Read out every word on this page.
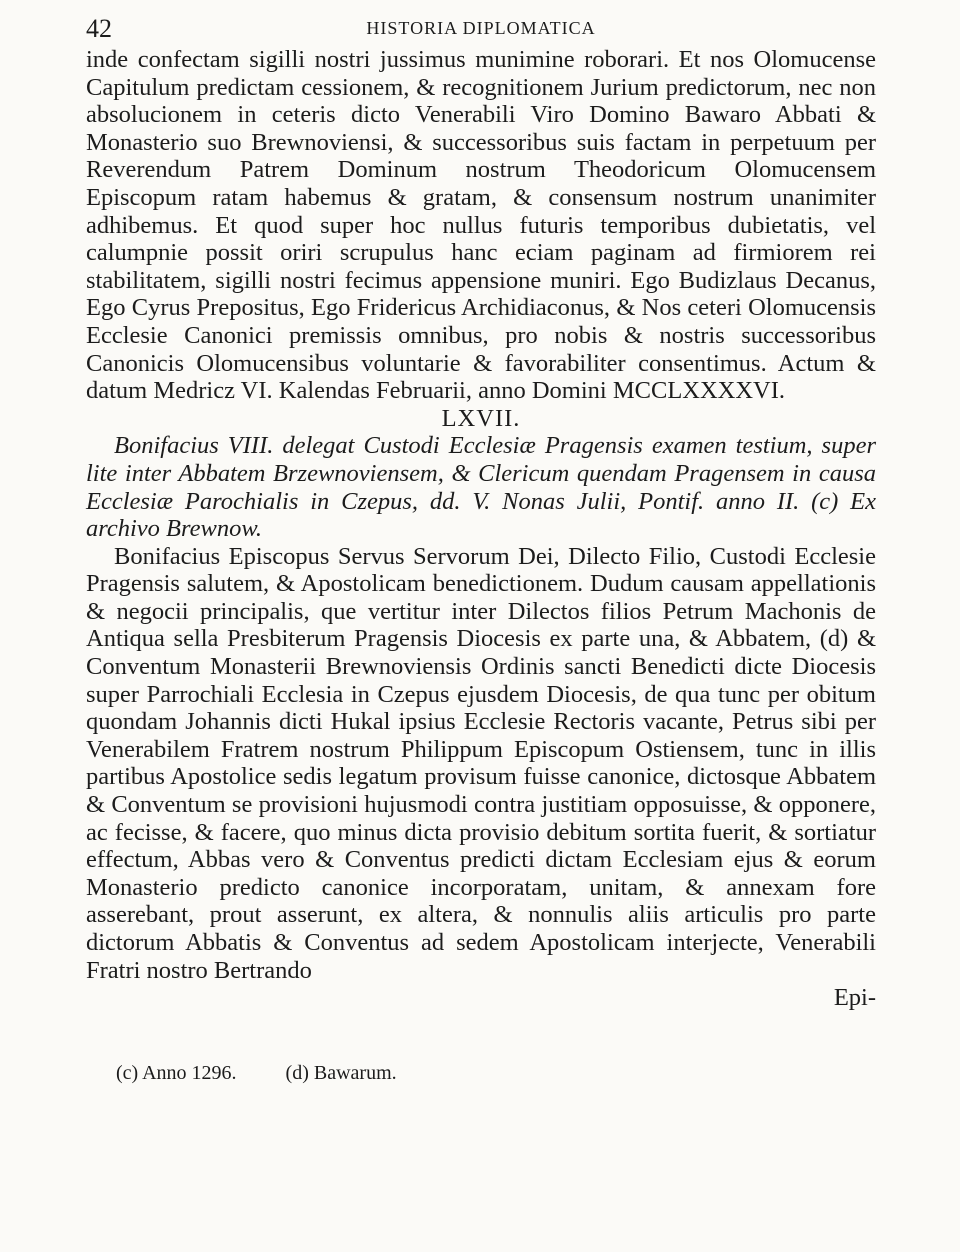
42	HISTORIA DIPLOMATICA

inde confectam sigilli nostri jussimus muniminе roborari. Et nos Olomucense Capitulum predictam cessionem, & recognitionem Jurium predictorum, nec non absolucionem in ceteris dicto Venerabili Viro Domino Bawaro Abbati & Monasterio suo Brewnoviensi, & successoribus suis factam in perpetuum per Reverendum Patrem Dominum nostrum Theodoricum Olomucensem Episcopum ratam habemus & gratam, & consensum nostrum unanimiter adhibemus. Et quod super hoc nullus futuris temporibus dubietatis, vel calumpnie possit oriri scrupulus hanc eciam paginam ad firmiorem rei stabilitatem, sigilli nostri fecimus appensione muniri. Ego Budizlaus Decanus, Ego Cyrus Prepositus, Ego Fridericus Archidiaconus, & Nos ceteri Olomucensis Ecclesie Canonici premissis omnibus, pro nobis & nostris successoribus Canonicis Olomucensibus voluntarie & favorabiliter consentimus. Actum & datum Medricz VI. Kalendas Februarii, anno Domini MCCLXXXXVI.

LXVII.

Bonifacius VIII. delegat Custodi Ecclesiæ Pragensis examen testium, super lite inter Abbatem Brzewnoviensem, & Clericum quendam Pragensem in causa Ecclesiæ Parochialis in Czepus, dd. V. Nonas Julii, Pontif. anno II. (c) Ex archivo Brewnow.

Bonifacius Episcopus Servus Servorum Dei, Dilecto Filio, Custodi Ecclesie Pragensis salutem, & Apostolicam benedictionem. Dudum causam appellationis & negocii principalis, que vertitur inter Dilectos filios Petrum Machonis de Antiqua sella Presbiterum Pragensis Diocesis ex parte una, & Abbatem, (d) & Conventum Monasterii Brewnoviensis Ordinis sancti Benedicti dicte Diocesis super Parrochiali Ecclesia in Czepus ejusdem Diocesis, de qua tunc per obitum quondam Johannis dicti Hukal ipsius Ecclesie Rectoris vacante, Petrus sibi per Venerabilem Fratrem nostrum Philippum Episcopum Ostiensem, tunc in illis partibus Apostolice sedis legatum provisum fuisse canonice, dictosque Abbatem & Conventum se provisioni hujusmodi contra justitiam opposuisse, & opponere, ac fecisse, & facere, quo minus dicta provisio debitum sortita fuerit, & sortiatur effectum, Abbas vero & Conventus predicti dictam Ecclesiam ejus & eorum Monasterio predicto canonice incorporatam, unitam, & annexam fore asserebant, prout asserunt, ex altera, & nonnulis aliis articulis pro parte dictorum Abbatis & Conventus ad sedem Apostolicam interjecte, Venerabili Fratri nostro Bertrando

Epi-

(c) Anno 1296. (d) Bawarum.
